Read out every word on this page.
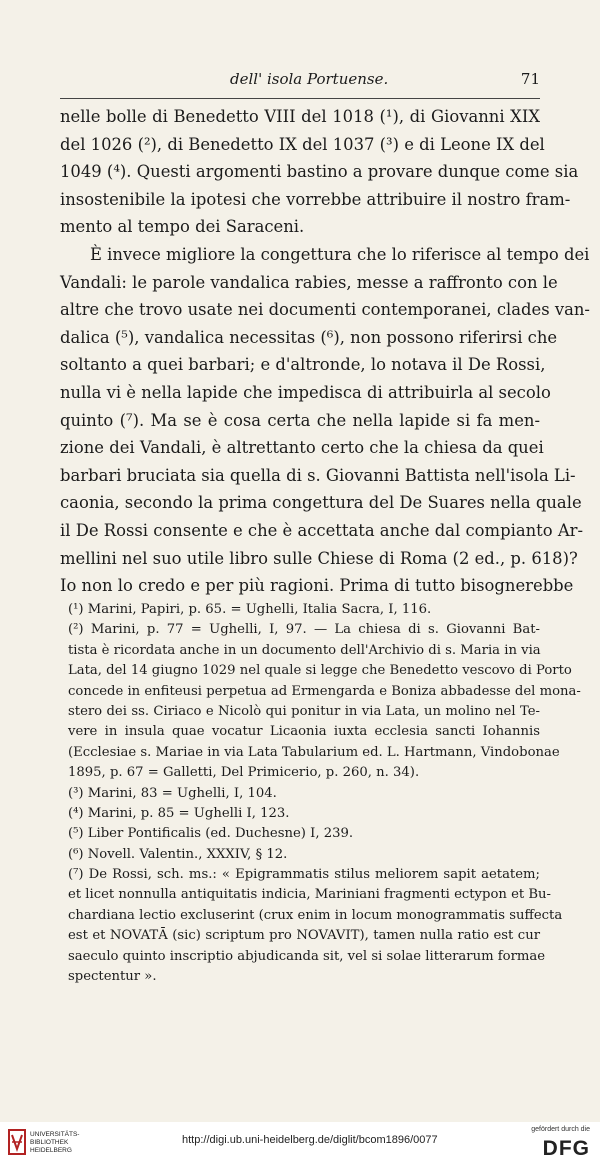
dell' isola Portuense.	71
nelle bolle di Benedetto VIII del 1018 (¹), di Giovanni XIX
del 1026 (²), di Benedetto IX del 1037 (³) e di Leone IX del
1049 (⁴). Questi argomenti bastino a provare dunque come sia
insostenibile la ipotesi che vorrebbe attribuire il nostro fram-
mento al tempo dei Saraceni.
È invece migliore la congettura che lo riferisce al tempo dei
Vandali: le parole vandalica rabies, messe a raffronto con le
altre che trovo usate nei documenti contemporanei, clades van-
dalica (⁵), vandalica necessitas (⁶), non possono riferirsi che
soltanto a quei barbari; e d'altronde, lo notava il De Rossi,
nulla vi è nella lapide che impedisca di attribuirla al secolo
quinto (⁷). Ma se è cosa certa che nella lapide si fa men-
zione dei Vandali, è altrettanto certo che la chiesa da quei
barbari bruciata sia quella di s. Giovanni Battista nell'isola Li-
caonia, secondo la prima congettura del De Suares nella quale
il De Rossi consente e che è accettata anche dal compianto Ar-
mellini nel suo utile libro sulle Chiese di Roma (2 ed., p. 618)?
Io non lo credo e per più ragioni. Prima di tutto bisognerebbe
(¹) Marini, Papiri, p. 65. = Ughelli, Italia Sacra, I, 116.
(²) Marini, p. 77 = Ughelli, I, 97. — La chiesa di s. Giovanni Bat-
tista è ricordata anche in un documento dell'Archivio di s. Maria in via
Lata, del 14 giugno 1029 nel quale si legge che Benedetto vescovo di Porto
concede in enfiteusi perpetua ad Ermengarda e Boniza abbadesse del mona-
stero dei ss. Ciriaco e Nicolò qui ponitur in via Lata, un molino nel Te-
vere in insula quae vocatur Licaonia iuxta ecclesia sancti Iohannis
(Ecclesiae s. Mariae in via Lata Tabularium ed. L. Hartmann, Vindobonae
1895, p. 67 = Galletti, Del Primicerio, p. 260, n. 34).
(³) Marini, 83 = Ughelli, I, 104.
(⁴) Marini, p. 85 = Ughelli I, 123.
(⁵) Liber Pontificalis (ed. Duchesne) I, 239.
(⁶) Novell. Valentin., XXXIV, § 12.
(⁷) De Rossi, sch. ms.: « Epigrammatis stilus meliorem sapit aetatem;
et licet nonnulla antiquitatis indicia, Mariniani fragmenti ectypon et Bu-
chardiana lectio excluserint (crux enim in locum monogrammatis suffecta
est et NOVATĀ (sic) scriptum pro NOVAVIT), tamen nulla ratio est cur
saeculo quinto inscriptio abjudicanda sit, vel si solae litterarum formae
spectentur ».
UNIVERSITÄTS-
BIBLIOTHEK
HEIDELBERG
http://digi.ub.uni-heidelberg.de/diglit/bcom1896/0077
gefördert durch die
DFG
